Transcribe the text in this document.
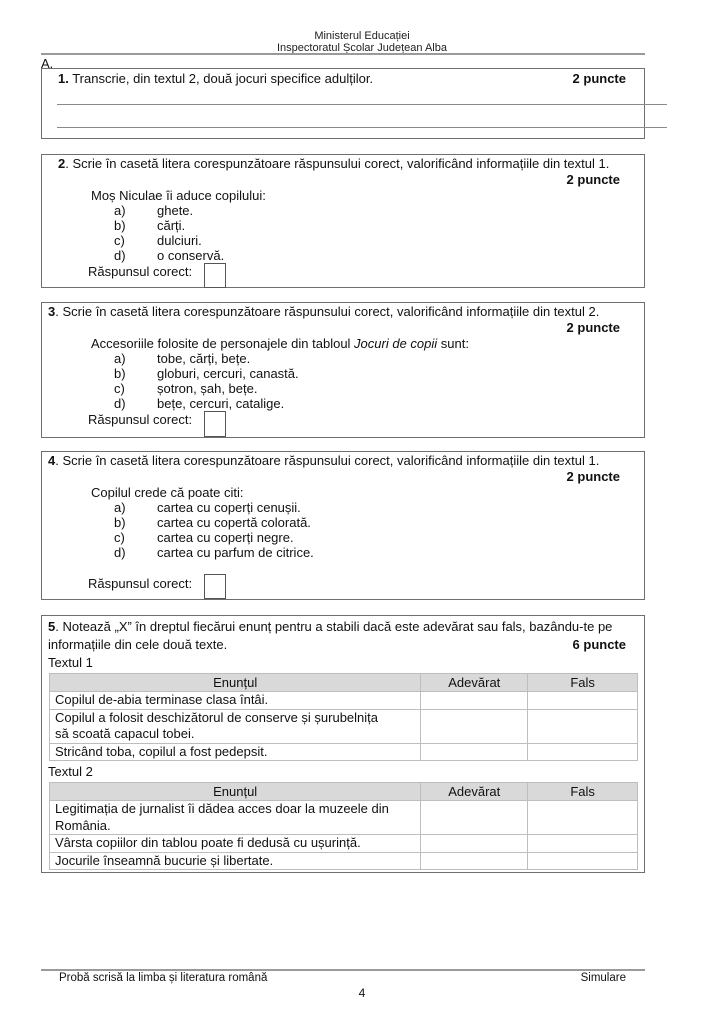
Ministerul Educației
Inspectoratul Școlar Județean Alba
A.
1. Transcrie, din textul 2, două jocuri specifice adulților.	2 puncte
2. Scrie în casetă litera corespunzătoare răspunsului corect, valorificând informațiile din textul 1.
2 puncte
Moș Niculae îi aduce copilului:
a)	ghete.
b)	cărți.
c)	dulciuri.
d)	o conservă.
Răspunsul corect:
3. Scrie în casetă litera corespunzătoare răspunsului corect, valorificând informațiile din textul 2.
2 puncte
Accesoriile folosite de personajele din tabloul Jocuri de copii sunt:
a)	tobe, cărți, bețe.
b)	globuri, cercuri, canastă.
c)	șotron, șah, bețe.
d)	bețe, cercuri, catalige.
Răspunsul corect:
4. Scrie în casetă litera corespunzătoare răspunsului corect, valorificând informațiile din textul 1.
2 puncte
Copilul crede că poate citi:
a)	cartea cu coperți cenușii.
b)	cartea cu copertă colorată.
c)	cartea cu coperți negre.
d)	cartea cu parfum de citrice.
Răspunsul corect:
5. Notează „X” în dreptul fiecărui enunț pentru a stabili dacă este adevărat sau fals, bazându-te pe
informațiile din cele două texte.	6 puncte
Textul 1
Enunțul	Adevărat	Fals
Copilul de-abia terminase clasa întâi.		
Copilul a folosit deschizătorul de conserve și șurubelnița să scoată capacul tobei.		
Stricând toba, copilul a fost pedepsit.		
Textul 2
Enunțul	Adevărat	Fals
Legitimația de jurnalist îi dădea acces doar la muzeele din România.		
Vârsta copiilor din tablou poate fi dedusă cu ușurință.		
Jocurile înseamnă bucurie și libertate.		
Probă scrisă la limba și literatura română	Simulare
4
